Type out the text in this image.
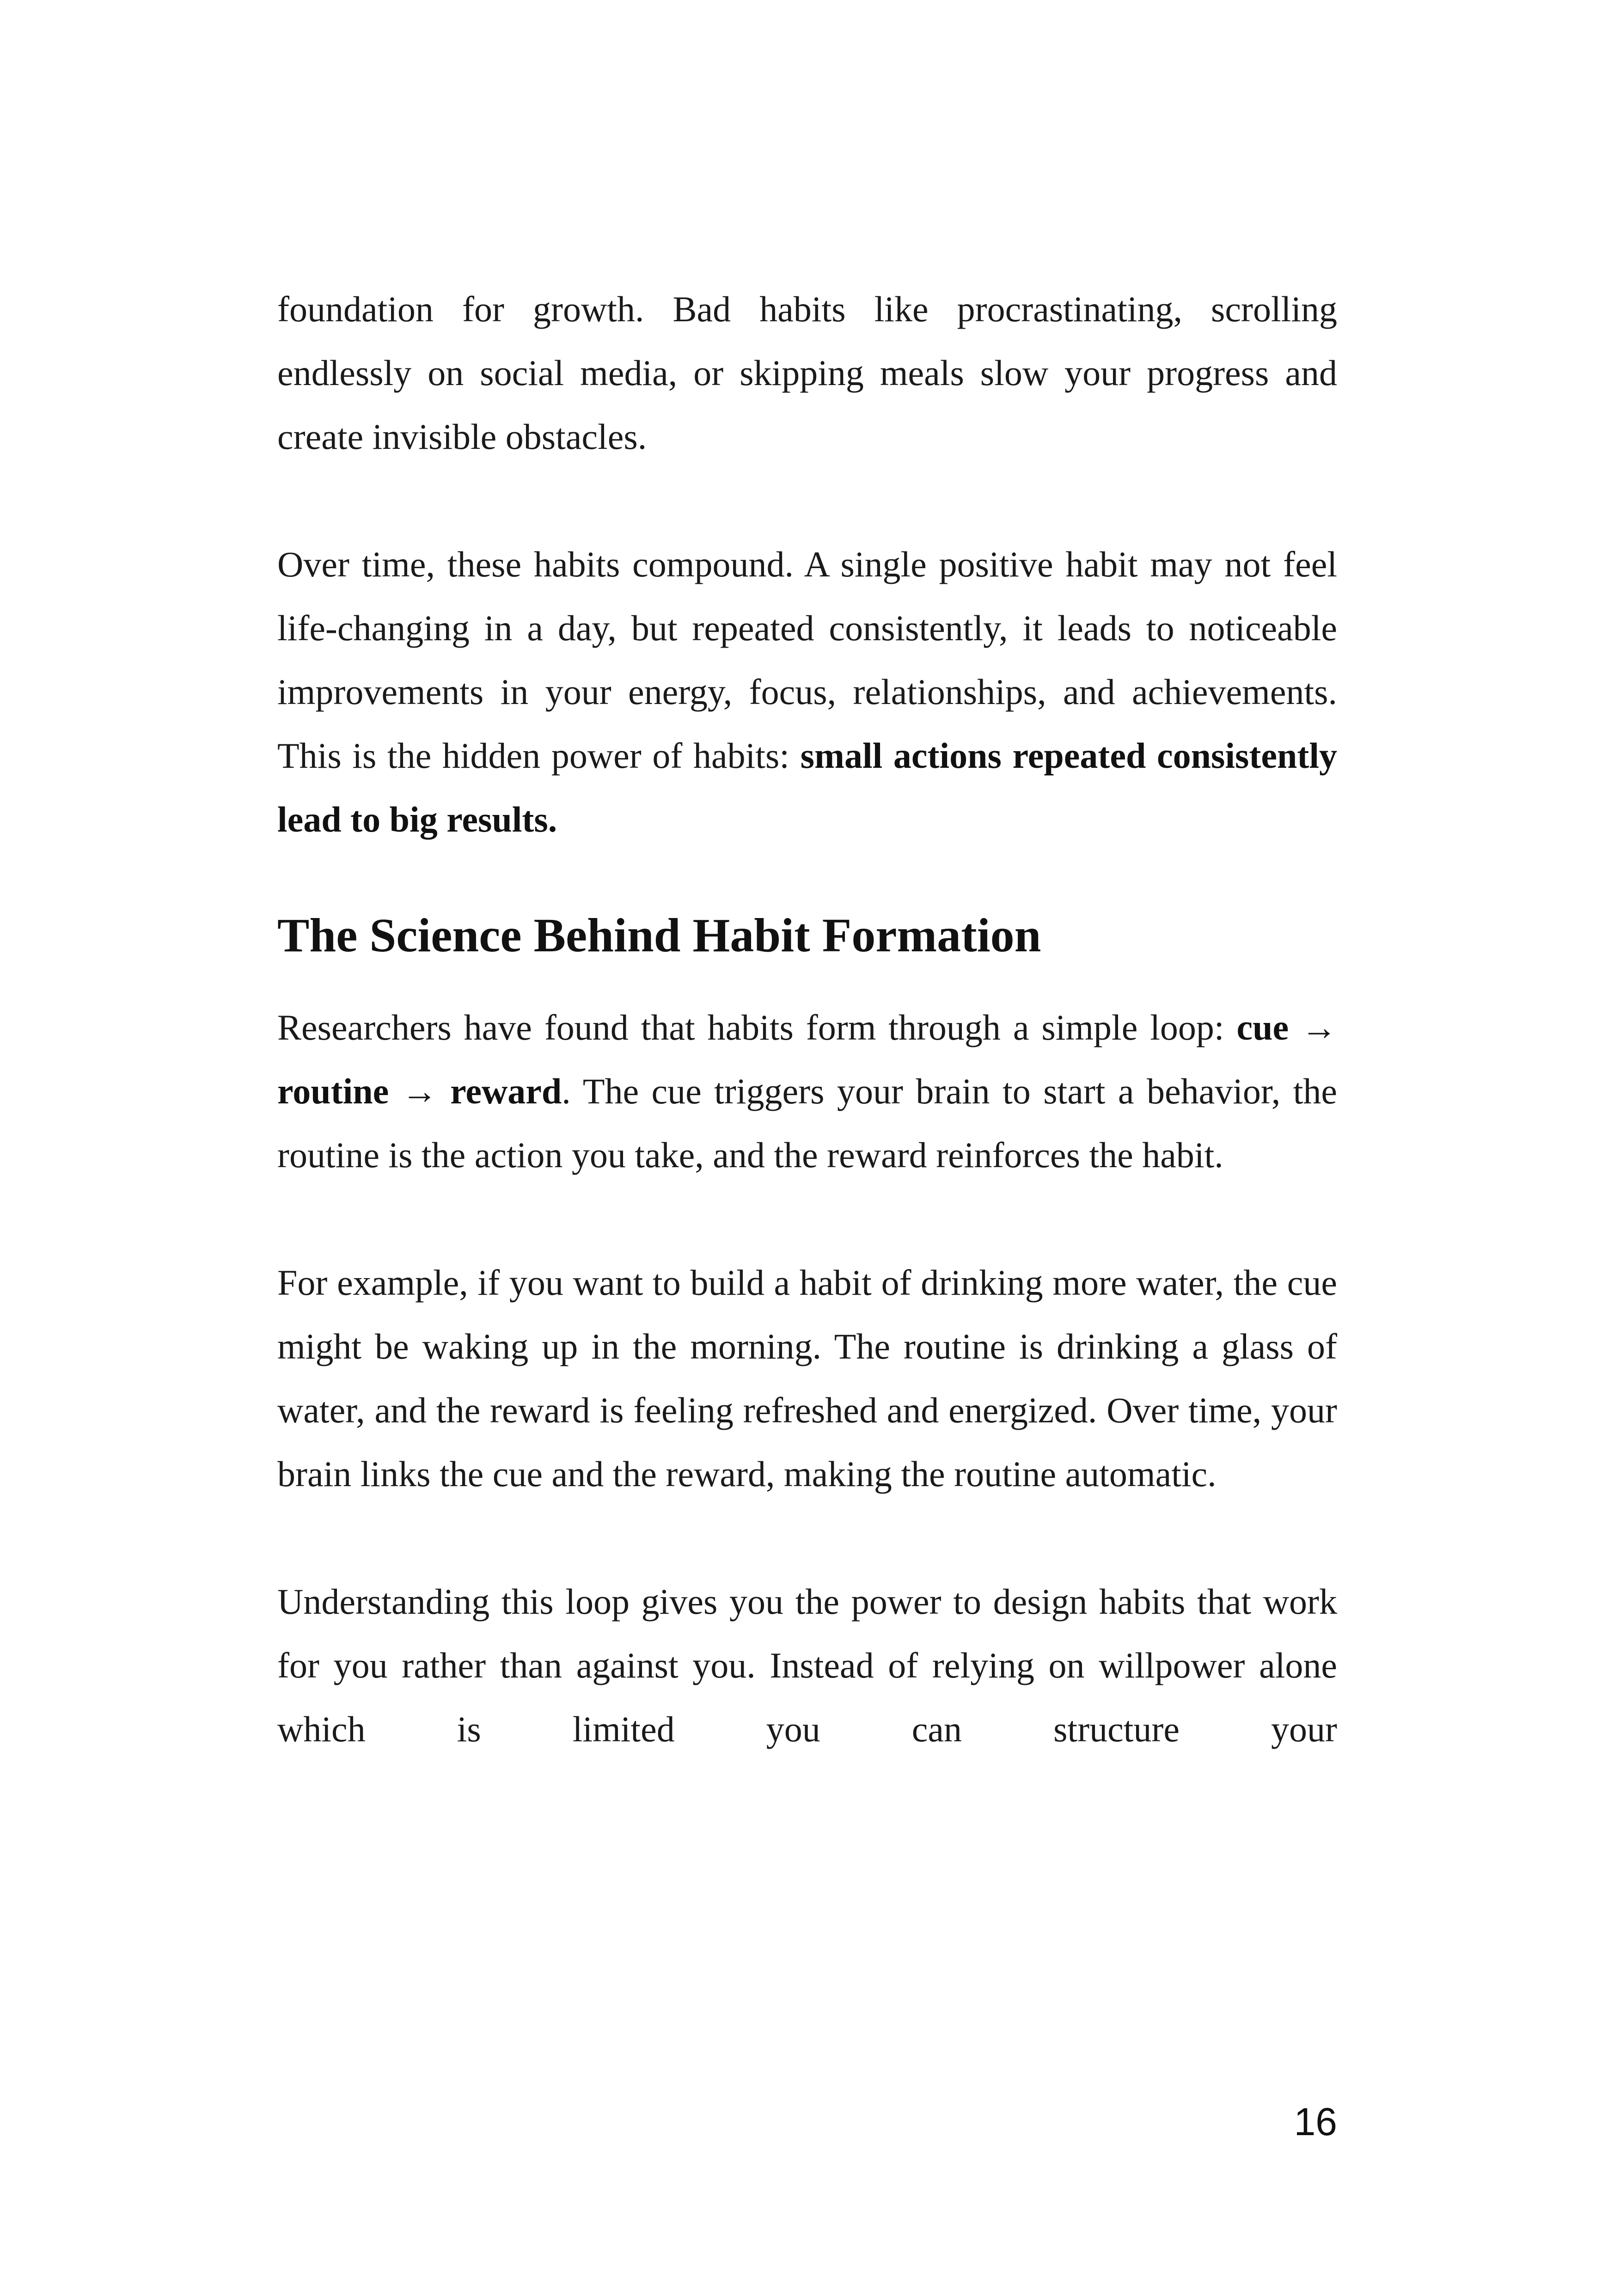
foundation for growth. Bad habits like procrastinating, scrolling endlessly on social media, or skipping meals slow your progress and create invisible obstacles.

Over time, these habits compound. A single positive habit may not feel life-changing in a day, but repeated consistently, it leads to noticeable improvements in your energy, focus, relationships, and achievements. This is the hidden power of habits: small actions repeated consistently lead to big results.

The Science Behind Habit Formation

Researchers have found that habits form through a simple loop: cue → routine → reward. The cue triggers your brain to start a behavior, the routine is the action you take, and the reward reinforces the habit.

For example, if you want to build a habit of drinking more water, the cue might be waking up in the morning. The routine is drinking a glass of water, and the reward is feeling refreshed and energized. Over time, your brain links the cue and the reward, making the routine automatic.

Understanding this loop gives you the power to design habits that work for you rather than against you. Instead of relying on willpower alone which is limited you can structure your

16
